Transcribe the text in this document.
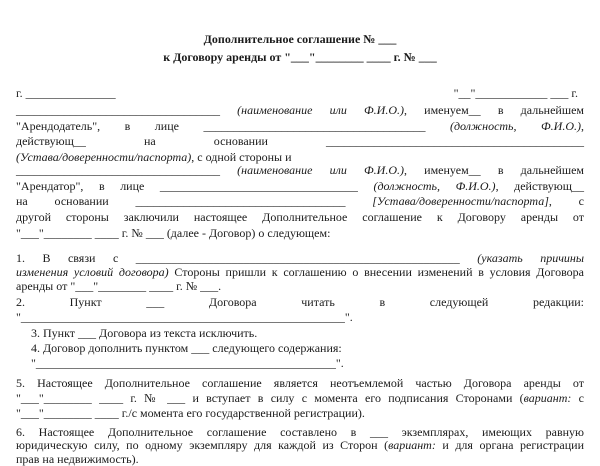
Дополнительное соглашение № ___
к Договору аренды от "___"________ ____ г. № ___
г. _______________	"__"____________ ___ г.
__________________________________ (наименование или Ф.И.О.), именуем__ в дальнейшем
"Арендодатель", в лице _____________________________________ (должность, Ф.И.О.),
действующ__ на основании ___________________________________________
(Устава/доверенности/паспорта), с одной стороны и
__________________________________ (наименование или Ф.И.О.), именуем__ в дальнейшем
"Арендатор", в лице _________________________________ (должность, Ф.И.О.), действующ__
на основании ___________________________________ [Устава/доверенности/паспорта], с
другой стороны заключили настоящее Дополнительное соглашение к Договору аренды от
"___"________ ____ г. № ___ (далее - Договор) о следующем:
1. В связи с ______________________________________________________ (указать причины
изменения условий договора) Стороны пришли к соглашению о внесении изменений в условия Договора
аренды от "___"________ ____ г. № ___.
2. Пункт ___ Договора читать в следующей редакции:
"______________________________________________________".
3. Пункт ___ Договора из текста исключить.
4. Договор дополнить пунктом ___ следующего содержания:
"__________________________________________________".
5. Настоящее Дополнительное соглашение является неотъемлемой частью Договора аренды от
"___"________ ____ г. № ___ и вступает в силу с момента его подписания Сторонами (вариант: с
"___"________ ____ г./с момента его государственной регистрации).
6. Настоящее Дополнительное соглашение составлено в ___ экземплярах, имеющих равную
юридическую силу, по одному экземпляру для каждой из Сторон (вариант: и для органа регистрации
прав на недвижимость).
